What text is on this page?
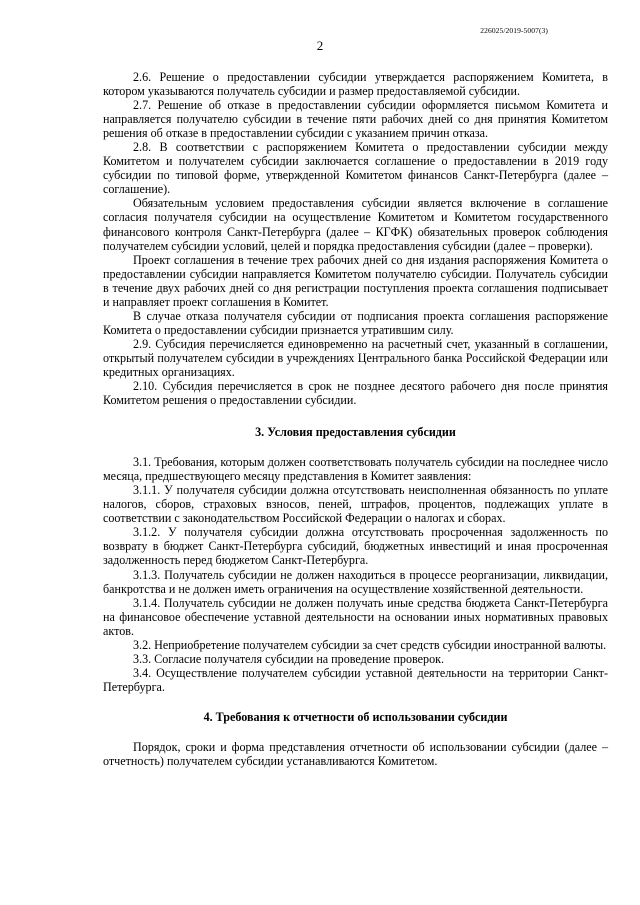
226025/2019-5007(3)
2

2.6. Решение о предоставлении субсидии утверждается распоряжением Комитета, в котором указываются получатель субсидии и размер предоставляемой субсидии.

2.7. Решение об отказе в предоставлении субсидии оформляется письмом Комитета и направляется получателю субсидии в течение пяти рабочих дней со дня принятия Комитетом решения об отказе в предоставлении субсидии с указанием причин отказа.

2.8. В соответствии с распоряжением Комитета о предоставлении субсидии между Комитетом и получателем субсидии заключается соглашение о предоставлении в 2019 году субсидии по типовой форме, утвержденной Комитетом финансов Санкт-Петербурга (далее – соглашение).

Обязательным условием предоставления субсидии является включение в соглашение согласия получателя субсидии на осуществление Комитетом и Комитетом государственного финансового контроля Санкт-Петербурга (далее – КГФК) обязательных проверок соблюдения получателем субсидии условий, целей и порядка предоставления субсидии (далее – проверки).

Проект соглашения в течение трех рабочих дней со дня издания распоряжения Комитета о предоставлении субсидии направляется Комитетом получателю субсидии. Получатель субсидии в течение двух рабочих дней со дня регистрации поступления проекта соглашения подписывает и направляет проект соглашения в Комитет.

В случае отказа получателя субсидии от подписания проекта соглашения распоряжение Комитета о предоставлении субсидии признается утратившим силу.

2.9. Субсидия перечисляется единовременно на расчетный счет, указанный в соглашении, открытый получателем субсидии в учреждениях Центрального банка Российской Федерации или кредитных организациях.

2.10. Субсидия перечисляется в срок не позднее десятого рабочего дня после принятия Комитетом решения о предоставлении субсидии.

3. Условия предоставления субсидии

3.1. Требования, которым должен соответствовать получатель субсидии на последнее число месяца, предшествующего месяцу представления в Комитет заявления:

3.1.1. У получателя субсидии должна отсутствовать неисполненная обязанность по уплате налогов, сборов, страховых взносов, пеней, штрафов, процентов, подлежащих уплате в соответствии с законодательством Российской Федерации о налогах и сборах.

3.1.2. У получателя субсидии должна отсутствовать просроченная задолженность по возврату в бюджет Санкт-Петербурга субсидий, бюджетных инвестиций и иная просроченная задолженность перед бюджетом Санкт-Петербурга.

3.1.3. Получатель субсидии не должен находиться в процессе реорганизации, ликвидации, банкротства и не должен иметь ограничения на осуществление хозяйственной деятельности.

3.1.4. Получатель субсидии не должен получать иные средства бюджета Санкт-Петербурга на финансовое обеспечение уставной деятельности на основании иных нормативных правовых актов.

3.2. Неприобретение получателем субсидии за счет средств субсидии иностранной валюты.

3.3. Согласие получателя субсидии на проведение проверок.

3.4. Осуществление получателем субсидии уставной деятельности на территории Санкт-Петербурга.

4. Требования к отчетности об использовании субсидии

Порядок, сроки и форма представления отчетности об использовании субсидии (далее – отчетность) получателем субсидии устанавливаются Комитетом.
